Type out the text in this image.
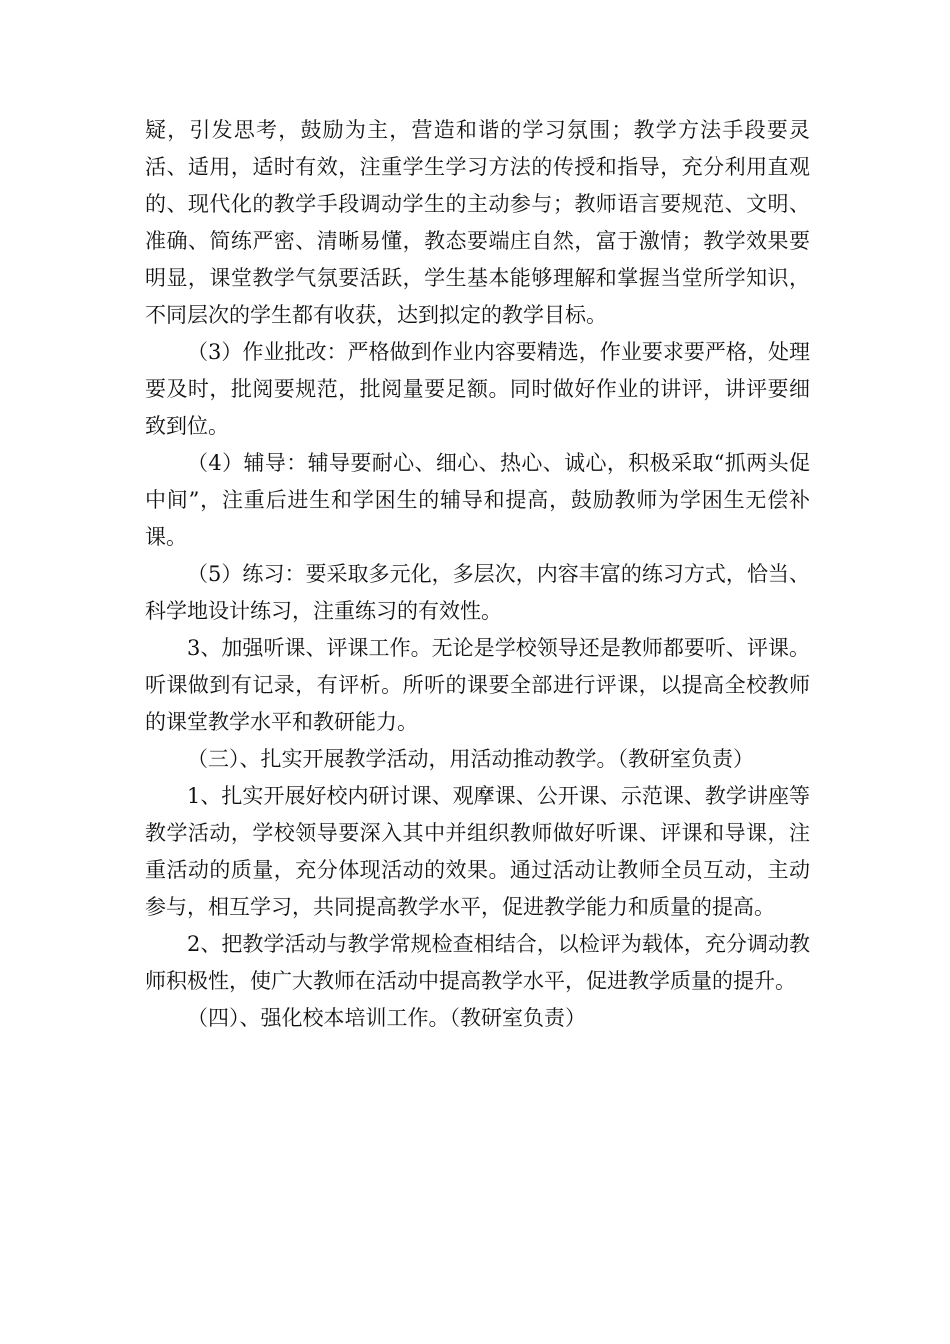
疑，引发思考，鼓励为主，营造和谐的学习氛围；教学方法手段要灵活、适用，适时有效，注重学生学习方法的传授和指导，充分利用直观的、现代化的教学手段调动学生的主动参与；教师语言要规范、文明、准确、简练严密、清晰易懂，教态要端庄自然，富于激情；教学效果要明显，课堂教学气氛要活跃，学生基本能够理解和掌握当堂所学知识，不同层次的学生都有收获，达到拟定的教学目标。

（3）作业批改：严格做到作业内容要精选，作业要求要严格，处理要及时，批阅要规范，批阅量要足额。同时做好作业的讲评，讲评要细致到位。

（4）辅导：辅导要耐心、细心、热心、诚心，积极采取“抓两头促中间”，注重后进生和学困生的辅导和提高，鼓励教师为学困生无偿补课。

（5）练习：要采取多元化，多层次，内容丰富的练习方式，恰当、科学地设计练习，注重练习的有效性。

3、加强听课、评课工作。无论是学校领导还是教师都要听、评课。听课做到有记录，有评析。所听的课要全部进行评课，以提高全校教师的课堂教学水平和教研能力。

（三）、扎实开展教学活动，用活动推动教学。（教研室负责）

1、扎实开展好校内研讨课、观摩课、公开课、示范课、教学讲座等教学活动，学校领导要深入其中并组织教师做好听课、评课和导课，注重活动的质量，充分体现活动的效果。通过活动让教师全员互动，主动参与，相互学习，共同提高教学水平，促进教学能力和质量的提高。

2、把教学活动与教学常规检查相结合，以检评为载体，充分调动教师积极性，使广大教师在活动中提高教学水平，促进教学质量的提升。

（四）、强化校本培训工作。（教研室负责）
